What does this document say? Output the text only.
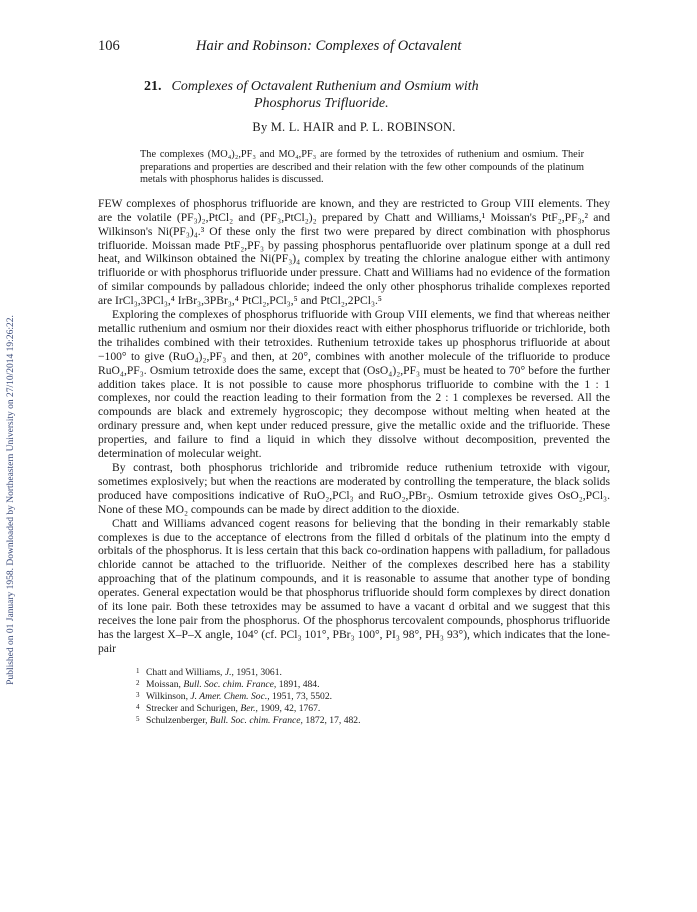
Published on 01 January 1958. Downloaded by Northeastern University on 27/10/2014 19:26:22.
106	Hair and Robinson: Complexes of Octavalent
21. Complexes of Octavalent Ruthenium and Osmium with
Phosphorus Trifluoride.
By M. L. HAIR and P. L. ROBINSON.
The complexes (MO₄)₂,PF₃ and MO₄,PF₃ are formed by the tetroxides of ruthenium and osmium. Their preparations and properties are described and their relation with the few other compounds of the platinum metals with phosphorus halides is discussed.

FEW complexes of phosphorus trifluoride are known, and they are restricted to Group VIII elements. They are the volatile (PF₃)₂,PtCl₂ and (PF₃,PtCl₂)₂ prepared by Chatt and Williams,¹ Moissan's PtF₂,PF₃,² and Wilkinson's Ni(PF₃)₄.³ Of these only the first two were prepared by direct combination with phosphorus trifluoride. Moissan made PtF₂,PF₃ by passing phosphorus pentafluoride over platinum sponge at a dull red heat, and Wilkinson obtained the Ni(PF₃)₄ complex by treating the chlorine analogue either with antimony trifluoride or with phosphorus trifluoride under pressure. Chatt and Williams had no evidence of the formation of similar compounds by palladous chloride; indeed the only other phosphorus trihalide complexes reported are IrCl₃,3PCl₃,⁴ IrBr₃,3PBr₃,⁴ PtCl₂,PCl₃,⁵ and PtCl₂,2PCl₃.⁵

Exploring the complexes of phosphorus trifluoride with Group VIII elements, we find that whereas neither metallic ruthenium and osmium nor their dioxides react with either phosphorus trifluoride or trichloride, both the trihalides combined with their tetroxides. Ruthenium tetroxide takes up phosphorus trifluoride at about −100° to give (RuO₄)₂,PF₃ and then, at 20°, combines with another molecule of the trifluoride to produce RuO₄,PF₃. Osmium tetroxide does the same, except that (OsO₄)₂,PF₃ must be heated to 70° before the further addition takes place. It is not possible to cause more phosphorus trifluoride to combine with the 1 : 1 complexes, nor could the reaction leading to their formation from the 2 : 1 complexes be reversed. All the compounds are black and extremely hygroscopic; they decompose without melting when heated at the ordinary pressure and, when kept under reduced pressure, give the metallic oxide and the trifluoride. These properties, and failure to find a liquid in which they dissolve without decomposition, prevented the determination of molecular weight.

By contrast, both phosphorus trichloride and tribromide reduce ruthenium tetroxide with vigour, sometimes explosively; but when the reactions are moderated by controlling the temperature, the black solids produced have compositions indicative of RuO₂,PCl₃ and RuO₂,PBr₃. Osmium tetroxide gives OsO₂,PCl₃. None of these MO₂ compounds can be made by direct addition to the dioxide.

Chatt and Williams advanced cogent reasons for believing that the bonding in their remarkably stable complexes is due to the acceptance of electrons from the filled d orbitals of the platinum into the empty d orbitals of the phosphorus. It is less certain that this back co-ordination happens with palladium, for palladous chloride cannot be attached to the trifluoride. Neither of the complexes described here has a stability approaching that of the platinum compounds, and it is reasonable to assume that another type of bonding operates. General expectation would be that phosphorus trifluoride should form complexes by direct donation of its lone pair. Both these tetroxides may be assumed to have a vacant d orbital and we suggest that this receives the lone pair from the phosphorus. Of the phosphorus tercovalent compounds, phosphorus trifluoride has the largest X–P–X angle, 104° (cf. PCl₃ 101°, PBr₃ 100°, PI₃ 98°, PH₃ 93°), which indicates that the lone-pair

1 Chatt and Williams, J., 1951, 3061.
2 Moissan, Bull. Soc. chim. France, 1891, 484.
3 Wilkinson, J. Amer. Chem. Soc., 1951, 73, 5502.
4 Strecker and Schurigen, Ber., 1909, 42, 1767.
5 Schulzenberger, Bull. Soc. chim. France, 1872, 17, 482.
